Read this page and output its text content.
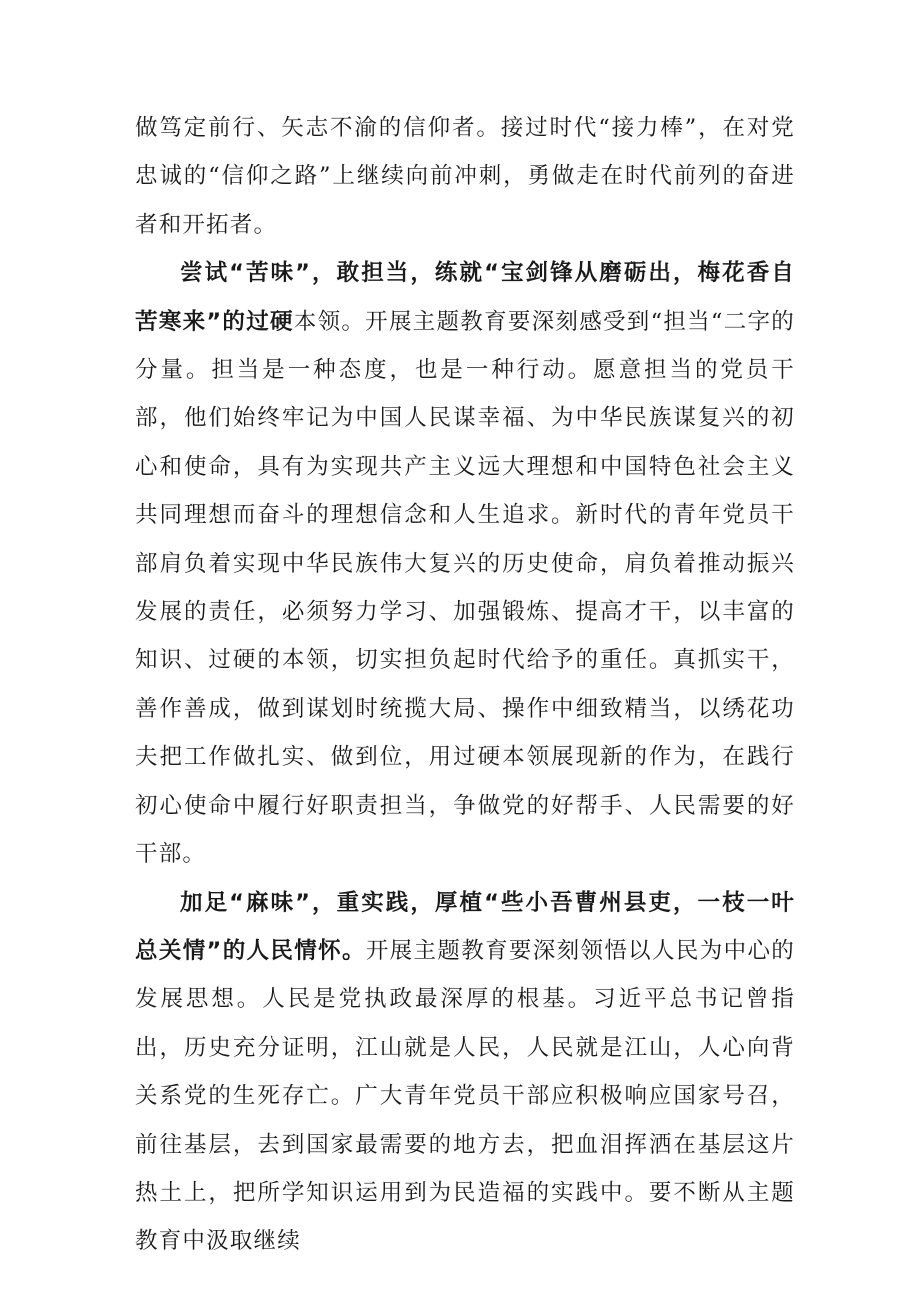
做笃定前行、矢志不渝的信仰者。接过时代“接力棒”，在对党忠诚的“信仰之路”上继续向前冲刺，勇做走在时代前列的奋进者和开拓者。

尝试“苦味”，敢担当，练就“宝剑锋从磨砺出，梅花香自苦寒来”的过硬本领。开展主题教育要深刻感受到“担当“二字的分量。担当是一种态度，也是一种行动。愿意担当的党员干部，他们始终牢记为中国人民谋幸福、为中华民族谋复兴的初心和使命，具有为实现共产主义远大理想和中国特色社会主义共同理想而奋斗的理想信念和人生追求。新时代的青年党员干部肩负着实现中华民族伟大复兴的历史使命，肩负着推动振兴发展的责任，必须努力学习、加强锻炼、提高才干，以丰富的知识、过硬的本领，切实担负起时代给予的重任。真抓实干，善作善成，做到谋划时统揽大局、操作中细致精当，以绣花功夫把工作做扎实、做到位，用过硬本领展现新的作为，在践行初心使命中履行好职责担当，争做党的好帮手、人民需要的好干部。

加足“麻味”，重实践，厚植“些小吾曹州县吏，一枝一叶总关情”的人民情怀。开展主题教育要深刻领悟以人民为中心的发展思想。人民是党执政最深厚的根基。习近平总书记曾指出，历史充分证明，江山就是人民，人民就是江山，人心向背关系党的生死存亡。广大青年党员干部应积极响应国家号召，前往基层，去到国家最需要的地方去，把血泪挥洒在基层这片热土上，把所学知识运用到为民造福的实践中。要不断从主题教育中汲取继续
